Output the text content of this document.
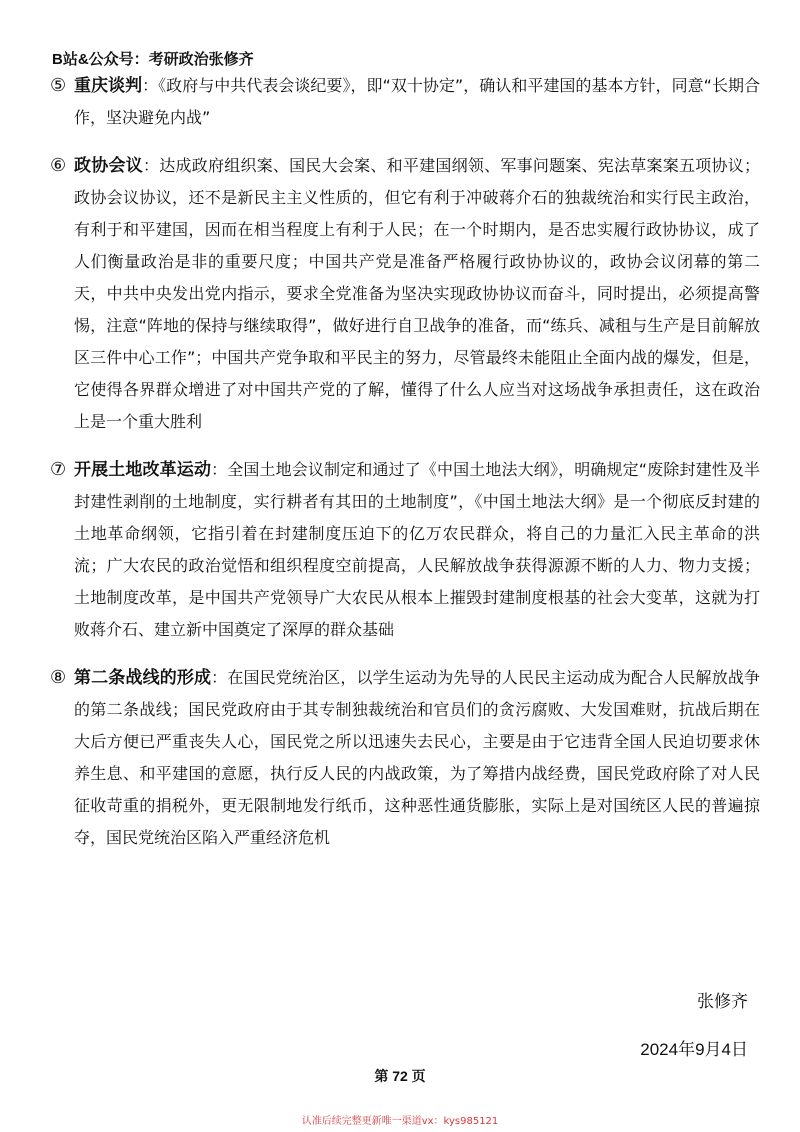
B站&公众号：考研政治张修齐
⑤ 重庆谈判：《政府与中共代表会谈纪要》，即“双十协定”，确认和平建国的基本方针，同意“长期合作，坚决避免内战”
⑥ 政协会议：达成政府组织案、国民大会案、和平建国纲领、军事问题案、宪法草案案五项协议；政协会议协议，还不是新民主主义性质的，但它有利于冲破蒋介石的独裁统治和实行民主政治，有利于和平建国，因而在相当程度上有利于人民；在一个时期内，是否忠实履行政协协议，成了人们衡量政治是非的重要尺度；中国共产党是准备严格履行政协协议的，政协会议闭幕的第二天，中共中央发出党内指示，要求全党准备为坚决实现政协协议而奋斗，同时提出，必须提高警惕，注意“阵地的保持与继续取得”，做好进行自卫战争的准备，而“练兵、减租与生产是目前解放区三件中心工作”；中国共产党争取和平民主的努力，尽管最终未能阻止全面内战的爆发，但是，它使得各界群众增进了对中国共产党的了解，懂得了什么人应当对这场战争承担责任，这在政治上是一个重大胜利
⑦ 开展土地改革运动：全国土地会议制定和通过了《中国土地法大纲》，明确规定“废除封建性及半封建性剥削的土地制度，实行耕者有其田的土地制度”，《中国土地法大纲》是一个彻底反封建的土地革命纲领，它指引着在封建制度压迫下的亿万农民群众，将自己的力量汇入民主革命的洪流；广大农民的政治觉悟和组织程度空前提高，人民解放战争获得源源不断的人力、物力支援；土地制度改革，是中国共产党领导广大农民从根本上摧毁封建制度根基的社会大变革，这就为打败蒋介石、建立新中国奠定了深厚的群众基础
⑧ 第二条战线的形成：在国民党统治区，以学生运动为先导的人民民主运动成为配合人民解放战争的第二条战线；国民党政府由于其专制独裁统治和官员们的贪污腐败、大发国难财，抗战后期在大后方便已严重丧失人心，国民党之所以迅速失去民心，主要是由于它违背全国人民迫切要求休养生息、和平建国的意愿，执行反人民的内战政策，为了筹措内战经费，国民党政府除了对人民征收苛重的捐税外，更无限制地发行纸币，这种恶性通货膨胀，实际上是对国统区人民的普遍掠夺，国民党统治区陷入严重经济危机
张修齐
2024年9月4日
第 72 页
认准后续完整更新唯一渠道vx：kys985121
